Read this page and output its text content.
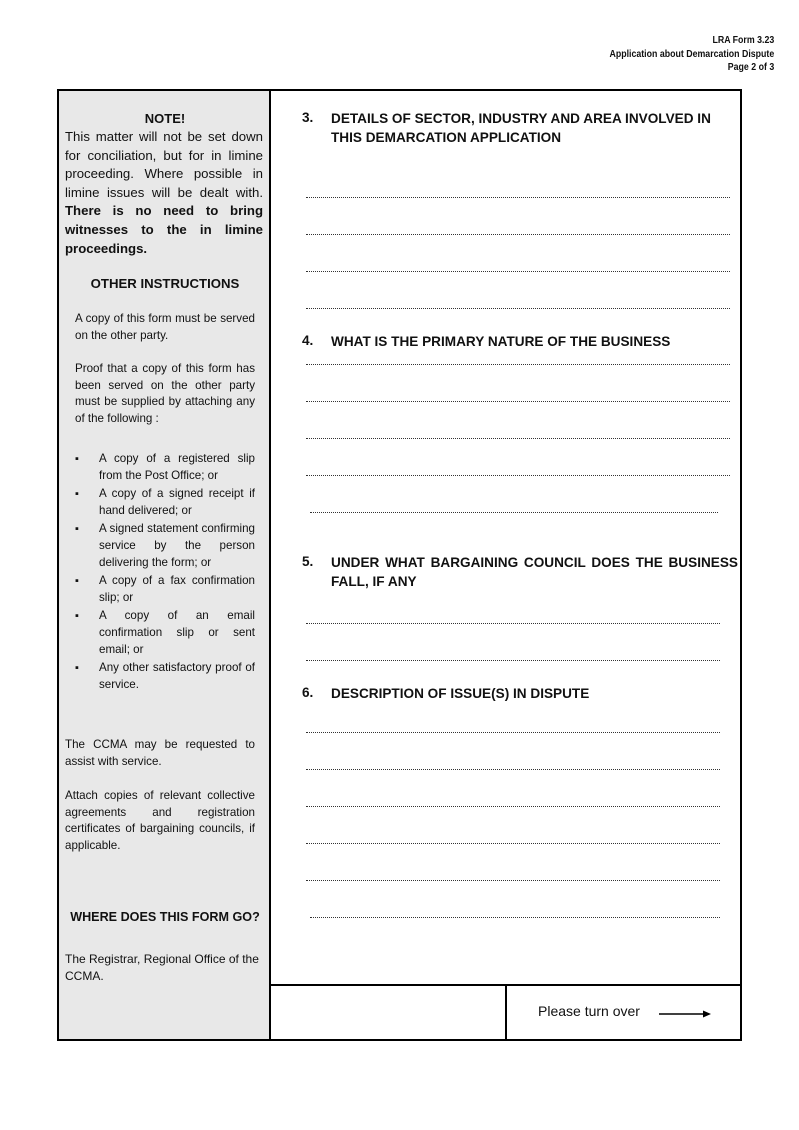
LRA Form 3.23
Application about Demarcation Dispute
Page 2 of 3
NOTE!
This matter will not be set down for conciliation, but for in limine proceeding. Where possible in limine issues will be dealt with. There is no need to bring witnesses to the in limine proceedings.
OTHER INSTRUCTIONS
A copy of this form must be served on the other party.
Proof that a copy of this form has been served on the other party must be supplied by attaching any of the following :
▪ A copy of a registered slip from the Post Office; or
▪ A copy of a signed receipt if hand delivered; or
▪ A signed statement confirming service by the person delivering the form; or
▪ A copy of a fax confirmation slip; or
▪ A copy of an email confirmation slip or sent email; or
▪ Any other satisfactory proof of service.
The CCMA may be requested to assist with service.
Attach copies of relevant collective agreements and registration certificates of bargaining councils, if applicable.
WHERE DOES THIS FORM GO?
The Registrar, Regional Office of the CCMA.
3. DETAILS OF SECTOR, INDUSTRY AND AREA INVOLVED IN THIS DEMARCATION APPLICATION
4. WHAT IS THE PRIMARY NATURE OF THE BUSINESS
5. UNDER WHAT BARGAINING COUNCIL DOES THE BUSINESS FALL, IF ANY
6. DESCRIPTION OF ISSUE(S) IN DISPUTE
Please turn over
